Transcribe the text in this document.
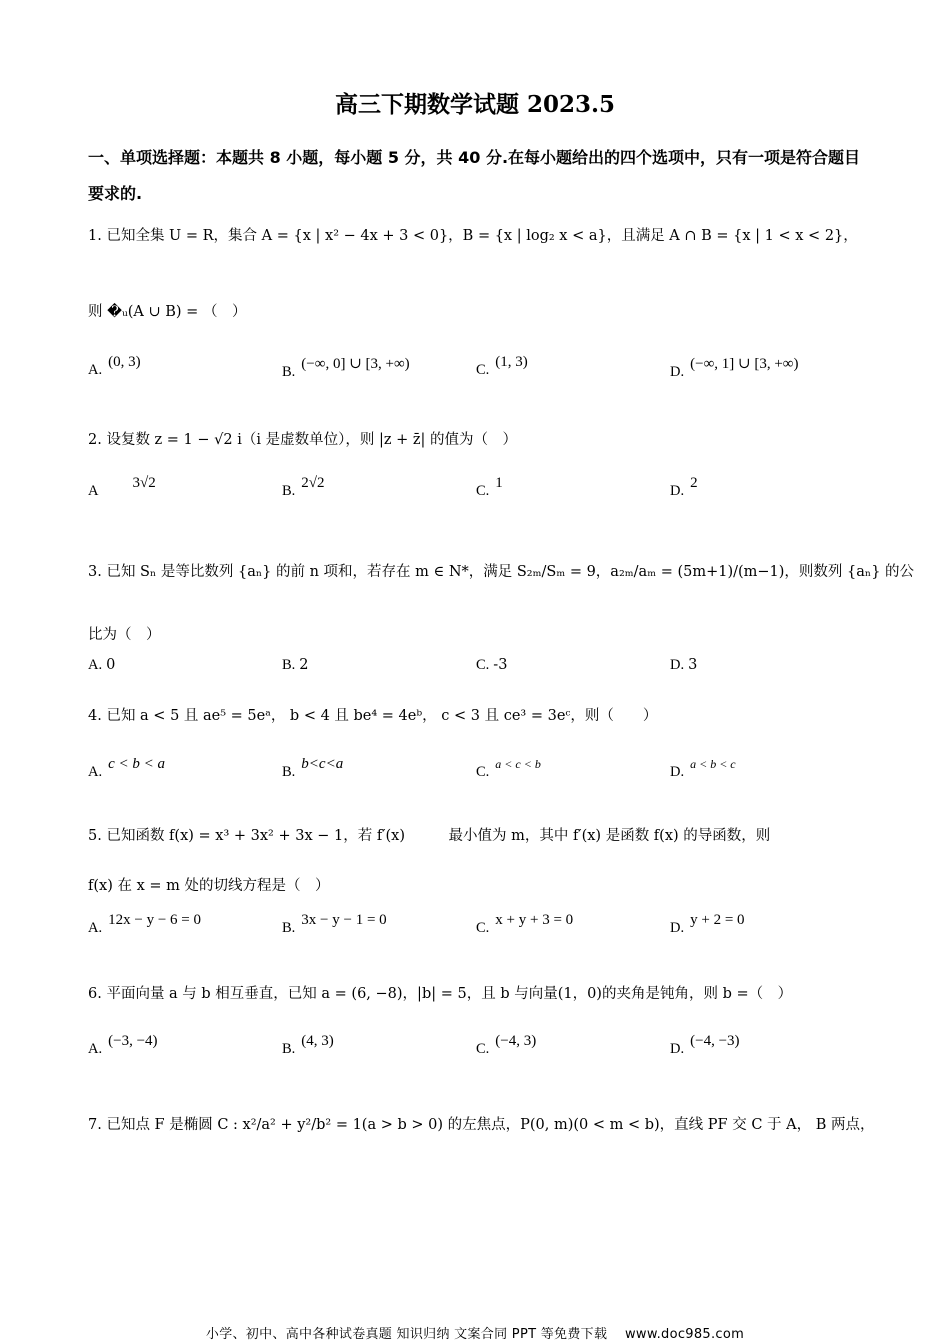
高三下期数学试题 2023.5
一、单项选择题：本题共 8 小题，每小题 5 分，共 40 分.在每小题给出的四个选项中，只有一项是符合题目要求的.
1. 已知全集 U = R，集合 A = {x | x² − 4x + 3 < 0}，B = {x | log₂ x < a}，且满足 A ∩ B = {x | 1 < x < 2}，
则 �ᵤ(A ∪ B) = （　）
A. (0, 3)
B. (−∞, 0] ∪ [3, +∞)	C. (1, 3)
D. (−∞, 1] ∪ [3, +∞)
2. 设复数 z = 1 − √2 i（i 是虚数单位），则 |z + z̄| 的值为（　）
A 3√2	B. 2√2	C. 1	D. 2
3. 已知 Sₙ 是等比数列 {aₙ} 的前 n 项和，若存在 m ∈ N*，满足 S₂ₘ/Sₘ = 9，a₂ₘ/aₘ = (5m+1)/(m−1)，则数列 {aₙ} 的公
比为（　）
A. 0	B. 2	C. -3	D. 3
4. 已知 a < 5 且 ae⁵ = 5eᵃ， b < 4 且 be⁴ = 4eᵇ， c < 3 且 ce³ = 3eᶜ，则（　　）
A. c < b < a	B. b<c<a	C. $^{a < c < b}$	D. $^{a < b < c}$
5. 已知函数 f(x) = x³ + 3x² + 3x − 1，若 f′(x)　　　最小值为 m，其中 f′(x) 是函数 f(x) 的导函数，则
f(x) 在 x = m 处的切线方程是（　）
A. 12x − y − 6 = 0	B. 3x − y − 1 = 0	C. x + y + 3 = 0	D. y + 2 = 0
6. 平面向量 a 与 b 相互垂直，已知 a = (6, −8)，|b| = 5，且 b 与向量(1，0)的夹角是钝角，则 b =（　）
A. (−3, −4)	B. (4, 3)	C. (−4, 3)	D. (−4, −3)
7. 已知点 F 是椭圆 C : x²/a² + y²/b² = 1(a > b > 0) 的左焦点，P(0, m)(0 < m < b)，直线 PF 交 C 于 A， B 两点，
小学、初中、高中各种试卷真题 知识归纳 文案合同 PPT 等免费下载　 www.doc985.com
